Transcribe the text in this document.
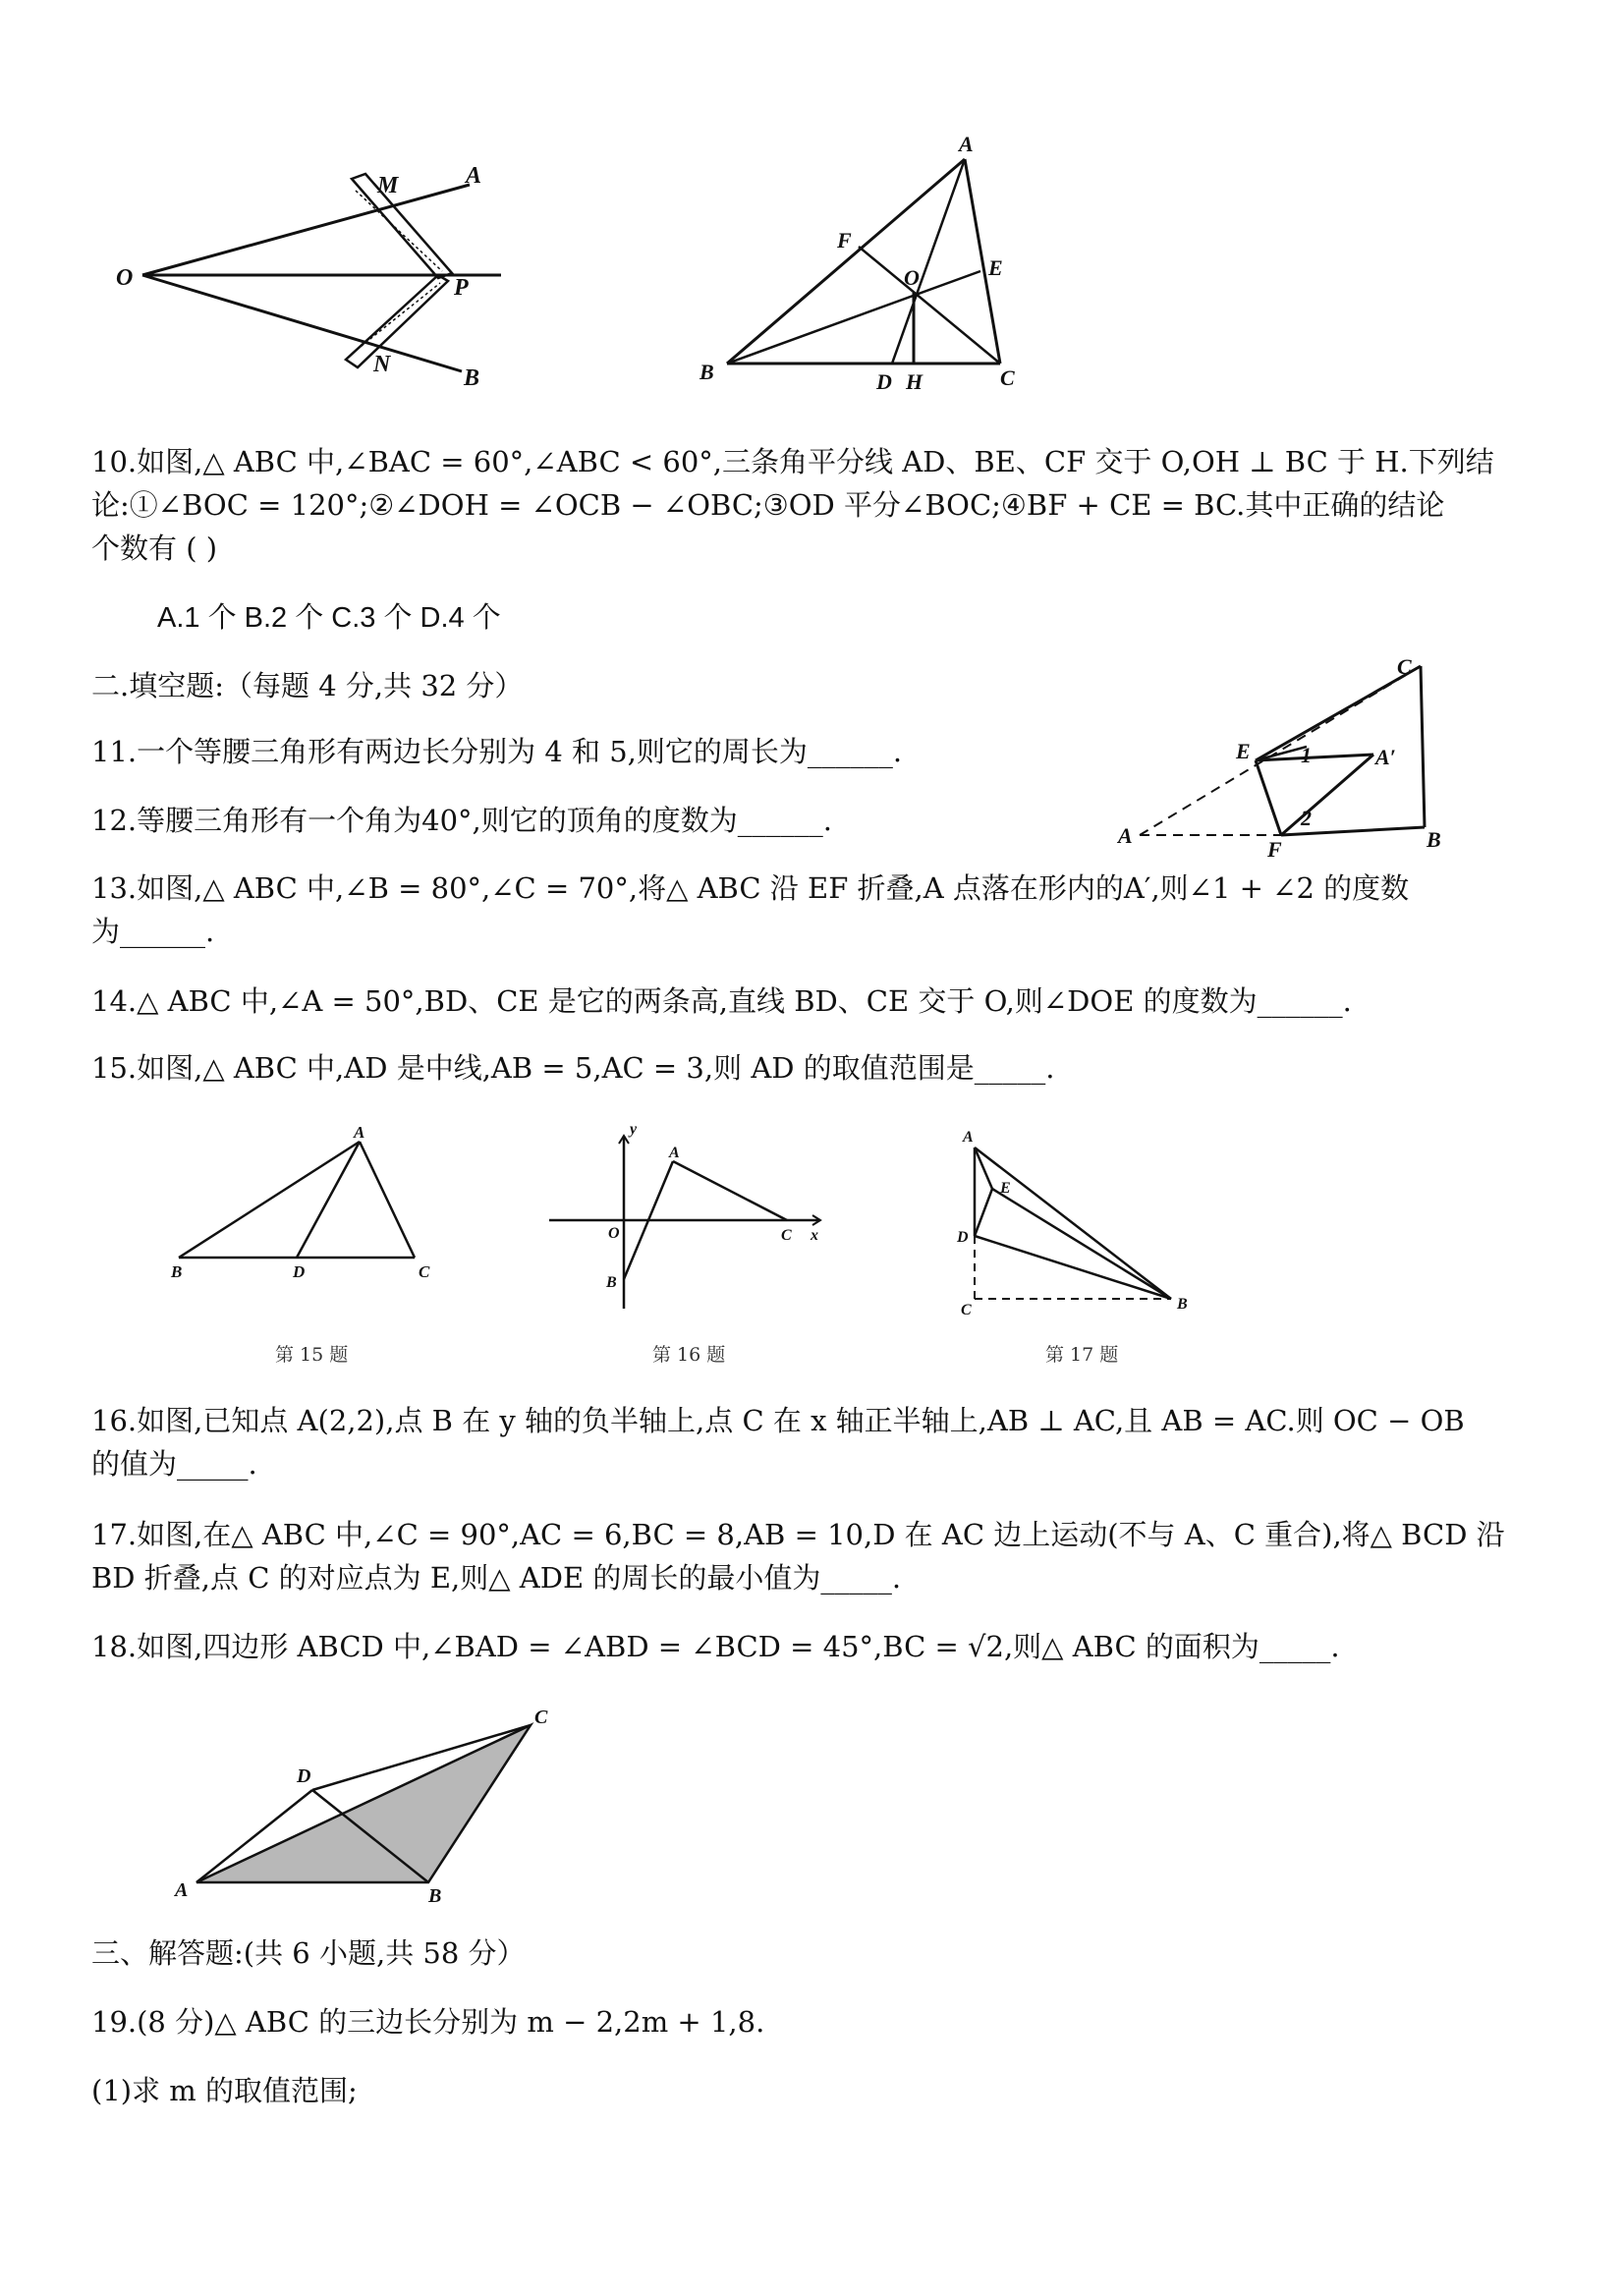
O
M	A
P
N
B
A
F
E
O
B	D H	C
10.如图,△ ABC 中,∠BAC = 60°,∠ABC < 60°,三条角平分线 AD、BE、CF 交于 O,OH ⊥ BC 于 H.下列结
论:①∠BOC = 120°;②∠DOH = ∠OCB − ∠OBC;③OD 平分∠BOC;④BF + CE = BC.其中正确的结论
个数有 ( )
A.1 个 B.2 个 C.3 个 D.4 个
二.填空题:（每题 4 分,共 32 分）
C
E 1	A′
2
A
F	B
11.一个等腰三角形有两边长分别为 4 和 5,则它的周长为______.
12.等腰三角形有一个角为40°,则它的顶角的度数为______.
13.如图,△ ABC 中,∠B = 80°,∠C = 70°,将△ ABC 沿 EF 折叠,A 点落在形内的A′,则∠1 + ∠2 的度数
为______.
14.△ ABC 中,∠A = 50°,BD、CE 是它的两条高,直线 BD、CE 交于 O,则∠DOE 的度数为______.
15.如图,△ ABC 中,AD 是中线,AB = 5,AC = 3,则 AD 的取值范围是_____.
A
B	D	C
第 15 题
y
A
O	C x
B
第 16 题
A
E
D
C	B
第 17 题
16.如图,已知点 A(2,2),点 B 在 y 轴的负半轴上,点 C 在 x 轴正半轴上,AB ⊥ AC,且 AB = AC.则 OC − OB
的值为_____.
17.如图,在△ ABC 中,∠C = 90°,AC = 6,BC = 8,AB = 10,D 在 AC 边上运动(不与 A、C 重合),将△ BCD 沿
BD 折叠,点 C 的对应点为 E,则△ ADE 的周长的最小值为_____.
18.如图,四边形 ABCD 中,∠BAD = ∠ABD = ∠BCD = 45°,BC = √2,则△ ABC 的面积为_____.
C
D
A	B
三、解答题:(共 6 小题,共 58 分）
19.(8 分)△ ABC 的三边长分别为 m − 2,2m + 1,8.
(1)求 m 的取值范围;
